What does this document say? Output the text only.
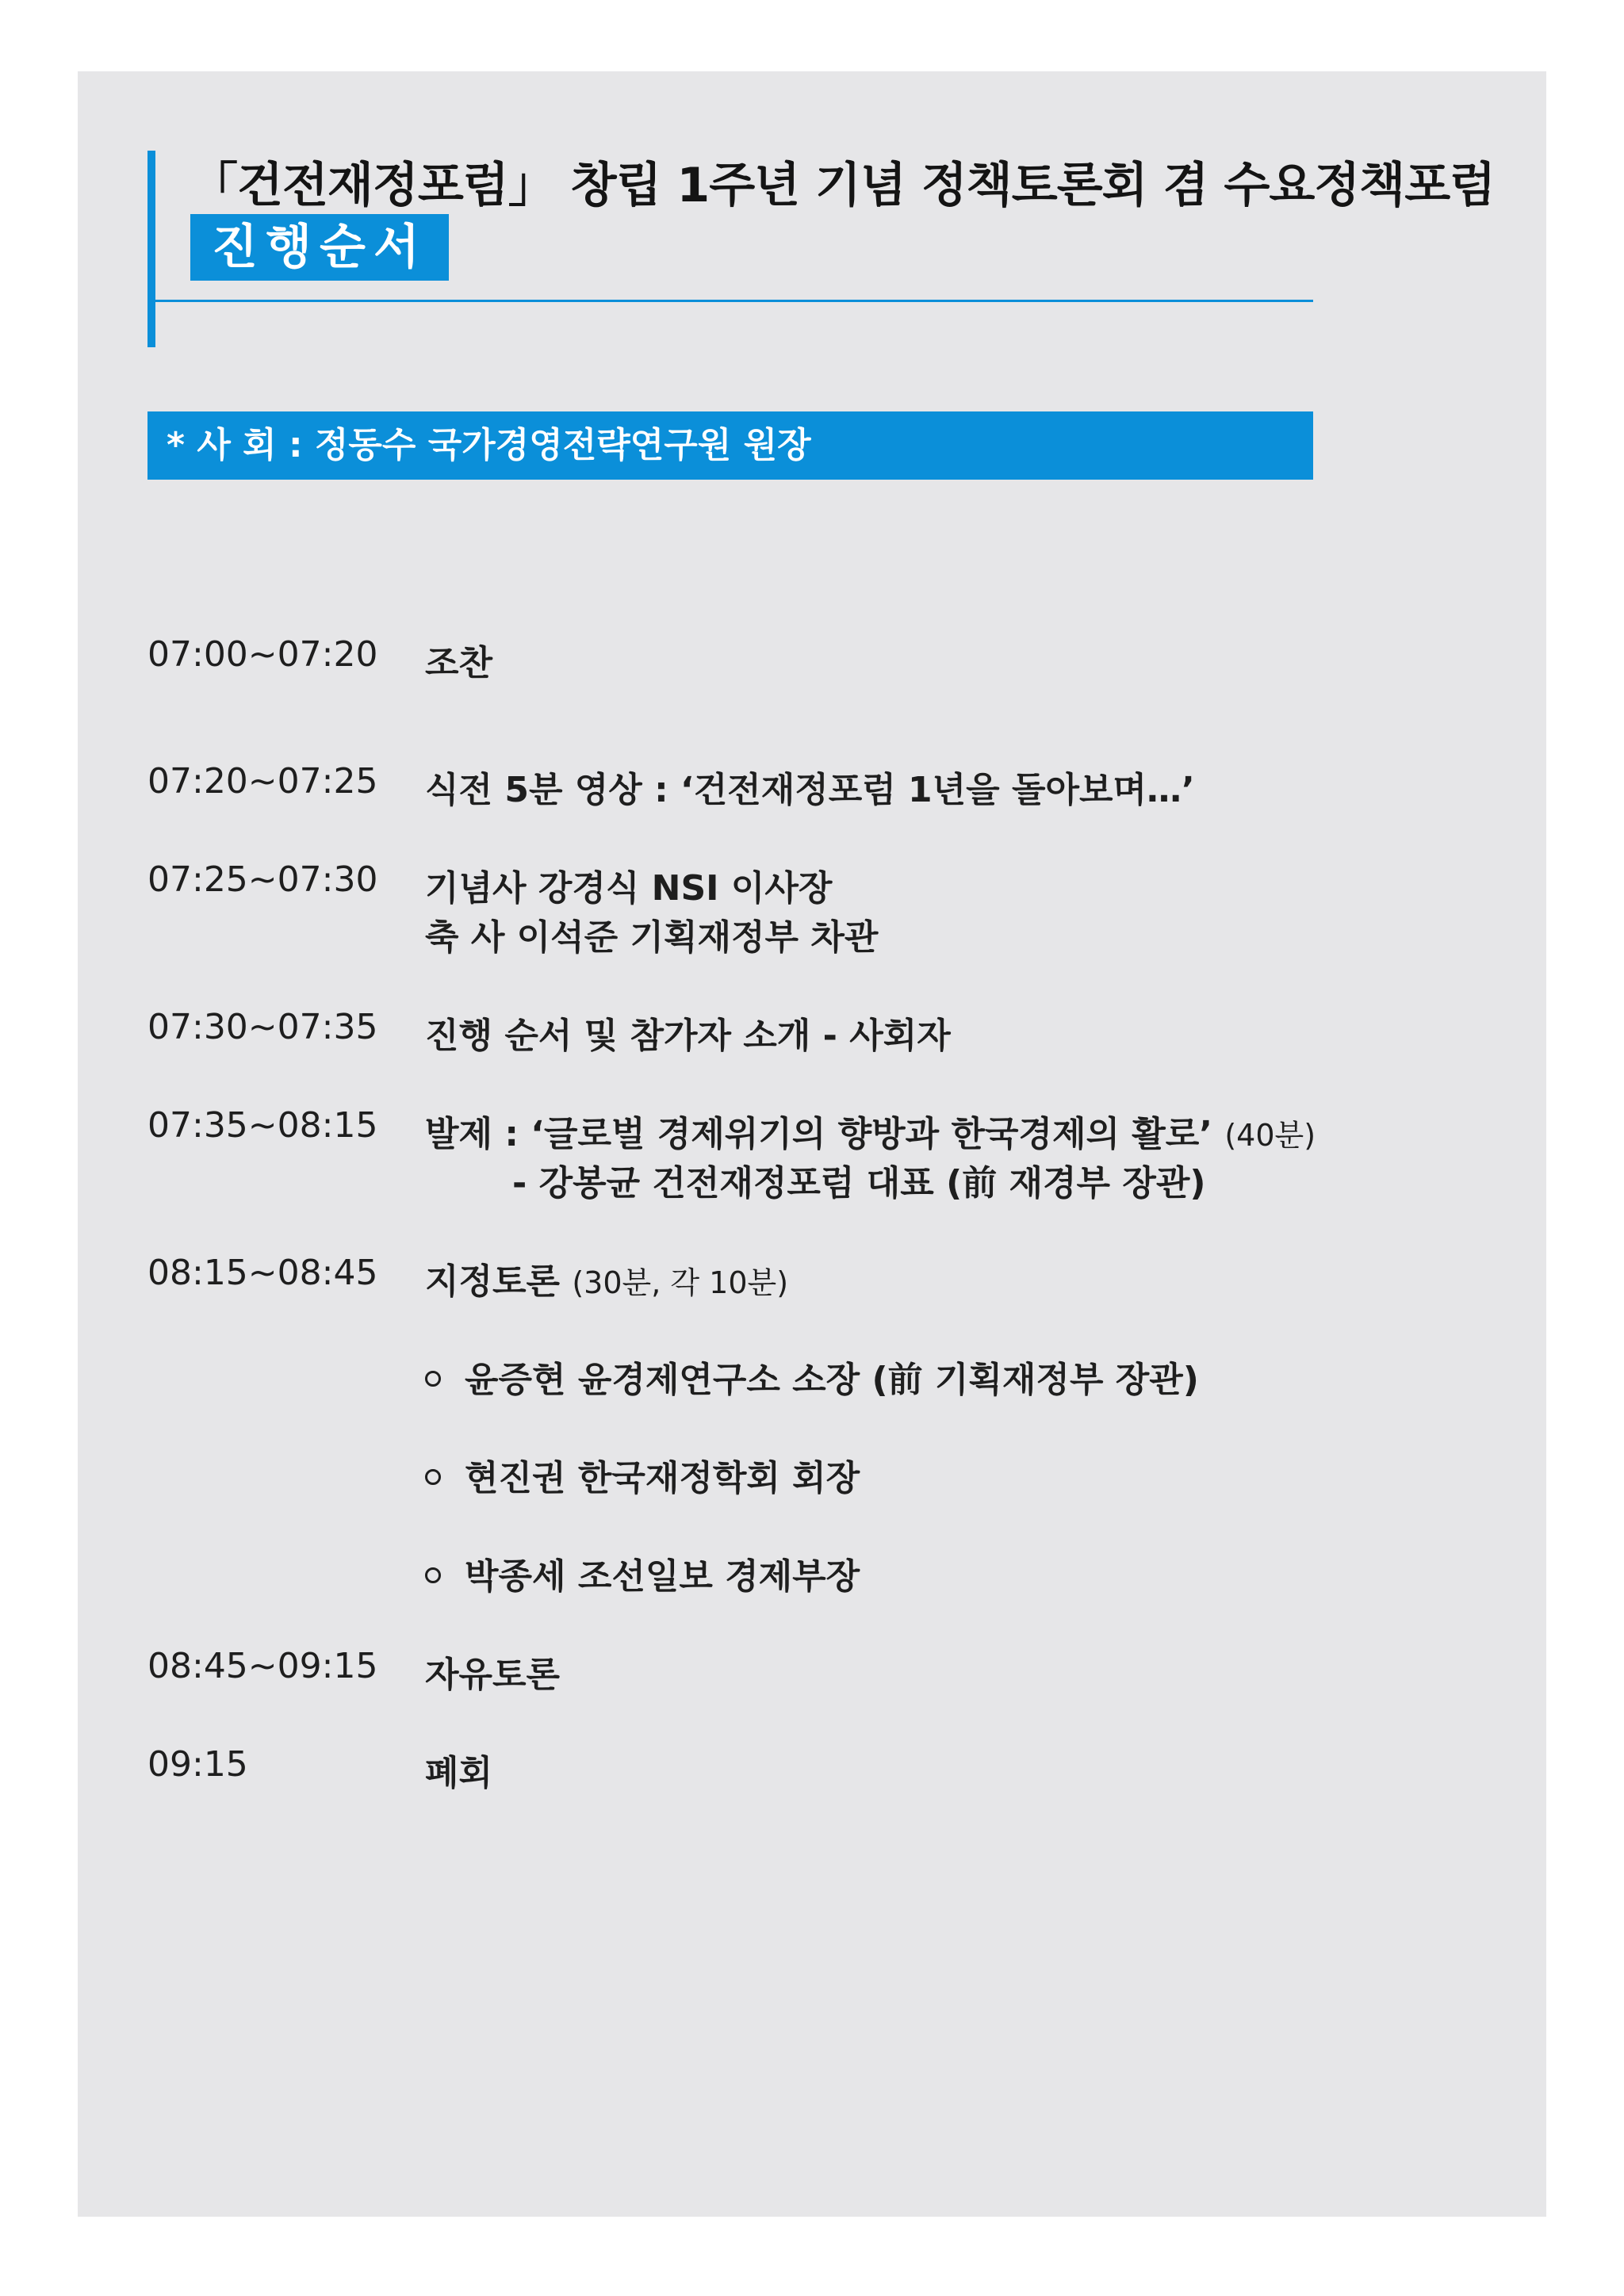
「건전재정포럼」 창립 1주년 기념 정책토론회 겸 수요정책포럼
진행순서
* 사 회 : 정동수 국가경영전략연구원 원장
07:00~07:20 조찬
07:20~07:25 식전 5분 영상 : ‘건전재정포럼 1년을 돌아보며…’
07:25~07:30 기념사 강경식 NSI 이사장
축 사 이석준 기획재정부 차관
07:30~07:35 진행 순서 및 참가자 소개 - 사회자
07:35~08:15 발제 : ‘글로벌 경제위기의 향방과 한국경제의 활로’ (40분)
- 강봉균 건전재정포럼 대표 (前 재경부 장관)
08:15~08:45 지정토론 (30분, 각 10분)
윤증현 윤경제연구소 소장 (前 기획재정부 장관)
현진권 한국재정학회 회장
박종세 조선일보 경제부장
08:45~09:15 자유토론
09:15	폐회
